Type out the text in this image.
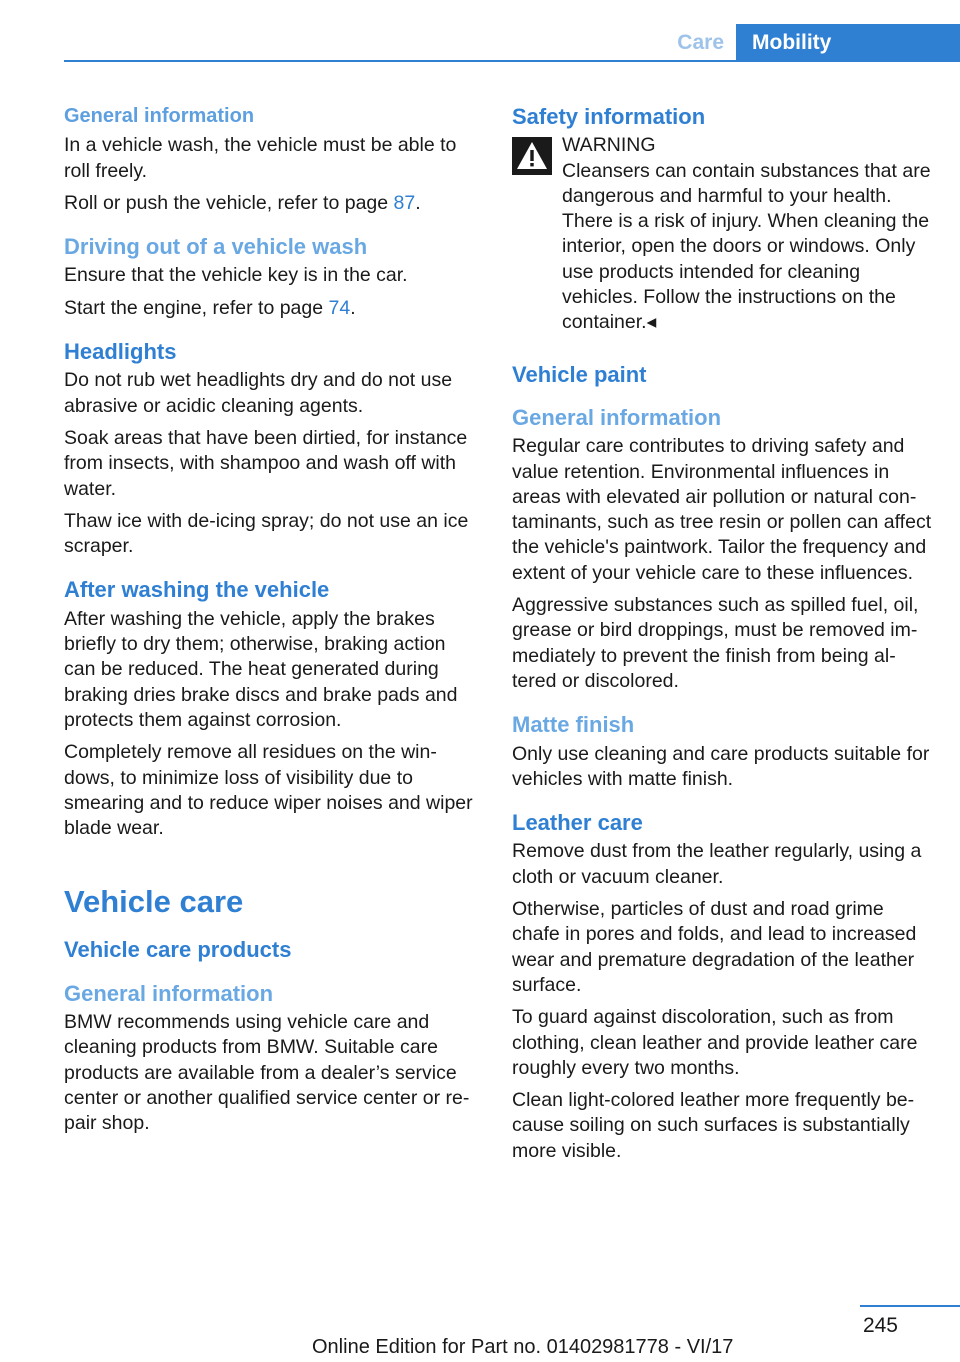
Care	Mobility
General information

In a vehicle wash, the vehicle must be able to roll freely.

Roll or push the vehicle, refer to page 87.

Driving out of a vehicle wash

Ensure that the vehicle key is in the car.

Start the engine, refer to page 74.

Headlights

Do not rub wet headlights dry and do not use abrasive or acidic cleaning agents.

Soak areas that have been dirtied, for instance from insects, with shampoo and wash off with water.

Thaw ice with de-icing spray; do not use an ice scraper.

After washing the vehicle

After washing the vehicle, apply the brakes briefly to dry them; otherwise, braking action can be reduced. The heat generated during braking dries brake discs and brake pads and protects them against corrosion.

Completely remove all residues on the windows, to minimize loss of visibility due to smearing and to reduce wiper noises and wiper blade wear.

Vehicle care
Vehicle care products
General information

BMW recommends using vehicle care and cleaning products from BMW. Suitable care products are available from a dealer’s service center or another qualified service center or repair shop.

Safety information
WARNING

Cleansers can contain substances that are dangerous and harmful to your health. There is a risk of injury. When cleaning the interior, open the doors or windows. Only use products intended for cleaning vehicles. Follow the instructions on the container.◂

Vehicle paint
General information

Regular care contributes to driving safety and value retention. Environmental influences in areas with elevated air pollution or natural contaminants, such as tree resin or pollen can affect the vehicle's paintwork. Tailor the frequency and extent of your vehicle care to these influences.

Aggressive substances such as spilled fuel, oil, grease or bird droppings, must be removed immediately to prevent the finish from being altered or discolored.

Matte finish

Only use cleaning and care products suitable for vehicles with matte finish.

Leather care

Remove dust from the leather regularly, using a cloth or vacuum cleaner.

Otherwise, particles of dust and road grime chafe in pores and folds, and lead to increased wear and premature degradation of the leather surface.

To guard against discoloration, such as from clothing, clean leather and provide leather care roughly every two months.

Clean light-colored leather more frequently because soiling on such surfaces is substantially more visible.

245
Online Edition for Part no. 01402981778 - VI/17
